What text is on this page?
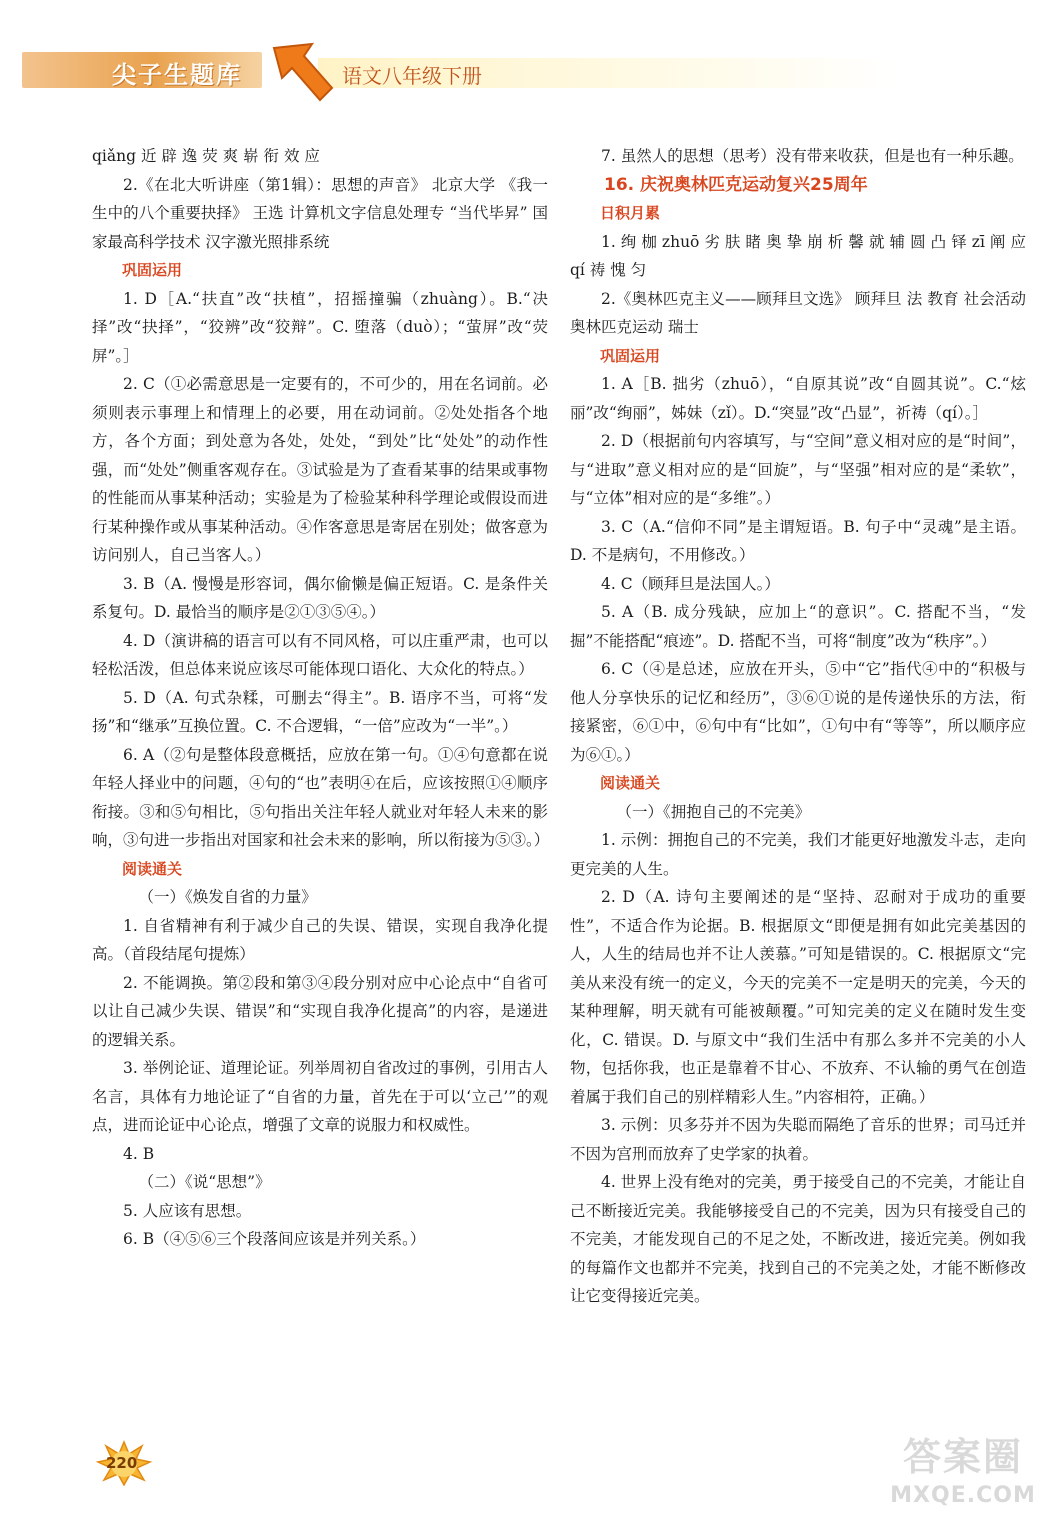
尖子生题库	语文八年级下册

qiǎng 近 辟 逸 荧 爽 崭 衔 效 应

2.《在北大听讲座（第1辑）：思想的声音》 北京大学 《我一生中的八个重要抉择》 王选 计算机文字信息处理专 “当代毕昇” 国家最高科学技术 汉字激光照排系统

巩固运用

1. D［A.“扶直”改“扶植”，招摇撞骗（zhuàng）。B.“决择”改“抉择”，“狡辨”改“狡辩”。C. 堕落（duò）；“萤屏”改“荧屏”。］

2. C（①必需意思是一定要有的，不可少的，用在名词前。必须则表示事理上和情理上的必要，用在动词前。②处处指各个地方，各个方面；到处意为各处，处处，“到处”比“处处”的动作性强，而“处处”侧重客观存在。③试验是为了查看某事的结果或事物的性能而从事某种活动；实验是为了检验某种科学理论或假设而进行某种操作或从事某种活动。④作客意思是寄居在别处；做客意为访问别人，自己当客人。）

3. B（A. 慢慢是形容词，偶尔偷懒是偏正短语。C. 是条件关系复句。D. 最恰当的顺序是②①③⑤④。）

4. D（演讲稿的语言可以有不同风格，可以庄重严肃，也可以轻松活泼，但总体来说应该尽可能体现口语化、大众化的特点。）

5. D（A. 句式杂糅，可删去“得主”。B. 语序不当，可将“发扬”和“继承”互换位置。C. 不合逻辑，“一倍”应改为“一半”。）

6. A（②句是整体段意概括，应放在第一句。①④句意都在说年轻人择业中的问题，④句的“也”表明④在后，应该按照①④顺序衔接。③和⑤句相比，⑤句指出关注年轻人就业对年轻人未来的影响，③句进一步指出对国家和社会未来的影响，所以衔接为⑤③。）

阅读通关

（一）《焕发自省的力量》

1. 自省精神有利于减少自己的失误、错误，实现自我净化提高。（首段结尾句提炼）

2. 不能调换。第②段和第③④段分别对应中心论点中“自省可以让自己减少失误、错误”和“实现自我净化提高”的内容，是递进的逻辑关系。

3. 举例论证、道理论证。列举周初自省改过的事例，引用古人名言，具体有力地论证了“自省的力量，首先在于可以‘立己’”的观点，进而论证中心论点，增强了文章的说服力和权威性。

4. B

（二）《说“思想”》

5. 人应该有思想。

6. B（④⑤⑥三个段落间应该是并列关系。）

7. 虽然人的思想（思考）没有带来收获，但是也有一种乐趣。

16. 庆祝奥林匹克运动复兴25周年

日积月累

1. 绚 枷 zhuō 劣 肤 睹 奥 挚 崩 析 馨 就 辅 圆 凸 铎 zī 阐 应 qí 祷 愧 匀

2.《奥林匹克主义——顾拜旦文选》 顾拜旦 法 教育 社会活动 奥林匹克运动 瑞士

巩固运用

1. A［B. 拙劣（zhuō），“自原其说”改“自圆其说”。C.“炫丽”改“绚丽”，姊妹（zǐ）。D.“突显”改“凸显”，祈祷（qí）。］

2. D（根据前句内容填写，与“空间”意义相对应的是“时间”，与“进取”意义相对应的是“回旋”，与“坚强”相对应的是“柔软”，与“立体”相对应的是“多维”。）

3. C（A.“信仰不同”是主谓短语。B. 句子中“灵魂”是主语。D. 不是病句，不用修改。）

4. C（顾拜旦是法国人。）

5. A（B. 成分残缺，应加上“的意识”。C. 搭配不当，“发掘”不能搭配“痕迹”。D. 搭配不当，可将“制度”改为“秩序”。）

6. C（④是总述，应放在开头，⑤中“它”指代④中的“积极与他人分享快乐的记忆和经历”，③⑥①说的是传递快乐的方法，衔接紧密，⑥①中，⑥句中有“比如”，①句中有“等等”，所以顺序应为⑥①。）

阅读通关

（一）《拥抱自己的不完美》

1. 示例：拥抱自己的不完美，我们才能更好地激发斗志，走向更完美的人生。

2. D（A. 诗句主要阐述的是“坚持、忍耐对于成功的重要性”，不适合作为论据。B. 根据原文“即便是拥有如此完美基因的人，人生的结局也并不让人羡慕。”可知是错误的。C. 根据原文“完美从来没有统一的定义，今天的完美不一定是明天的完美，今天的某种理解，明天就有可能被颠覆。”可知完美的定义在随时发生变化，C. 错误。D. 与原文中“我们生活中有那么多并不完美的小人物，包括你我，也正是靠着不甘心、不放弃、不认输的勇气在创造着属于我们自己的别样精彩人生。”内容相符，正确。）

3. 示例：贝多芬并不因为失聪而隔绝了音乐的世界；司马迁并不因为宫刑而放弃了史学家的执着。

4. 世界上没有绝对的完美，勇于接受自己的不完美，才能让自己不断接近完美。我能够接受自己的不完美，因为只有接受自己的不完美，才能发现自己的不足之处，不断改进，接近完美。例如我的每篇作文也都并不完美，找到自己的不完美之处，才能不断修改让它变得接近完美。

220	答案圈
MXQE.COM
